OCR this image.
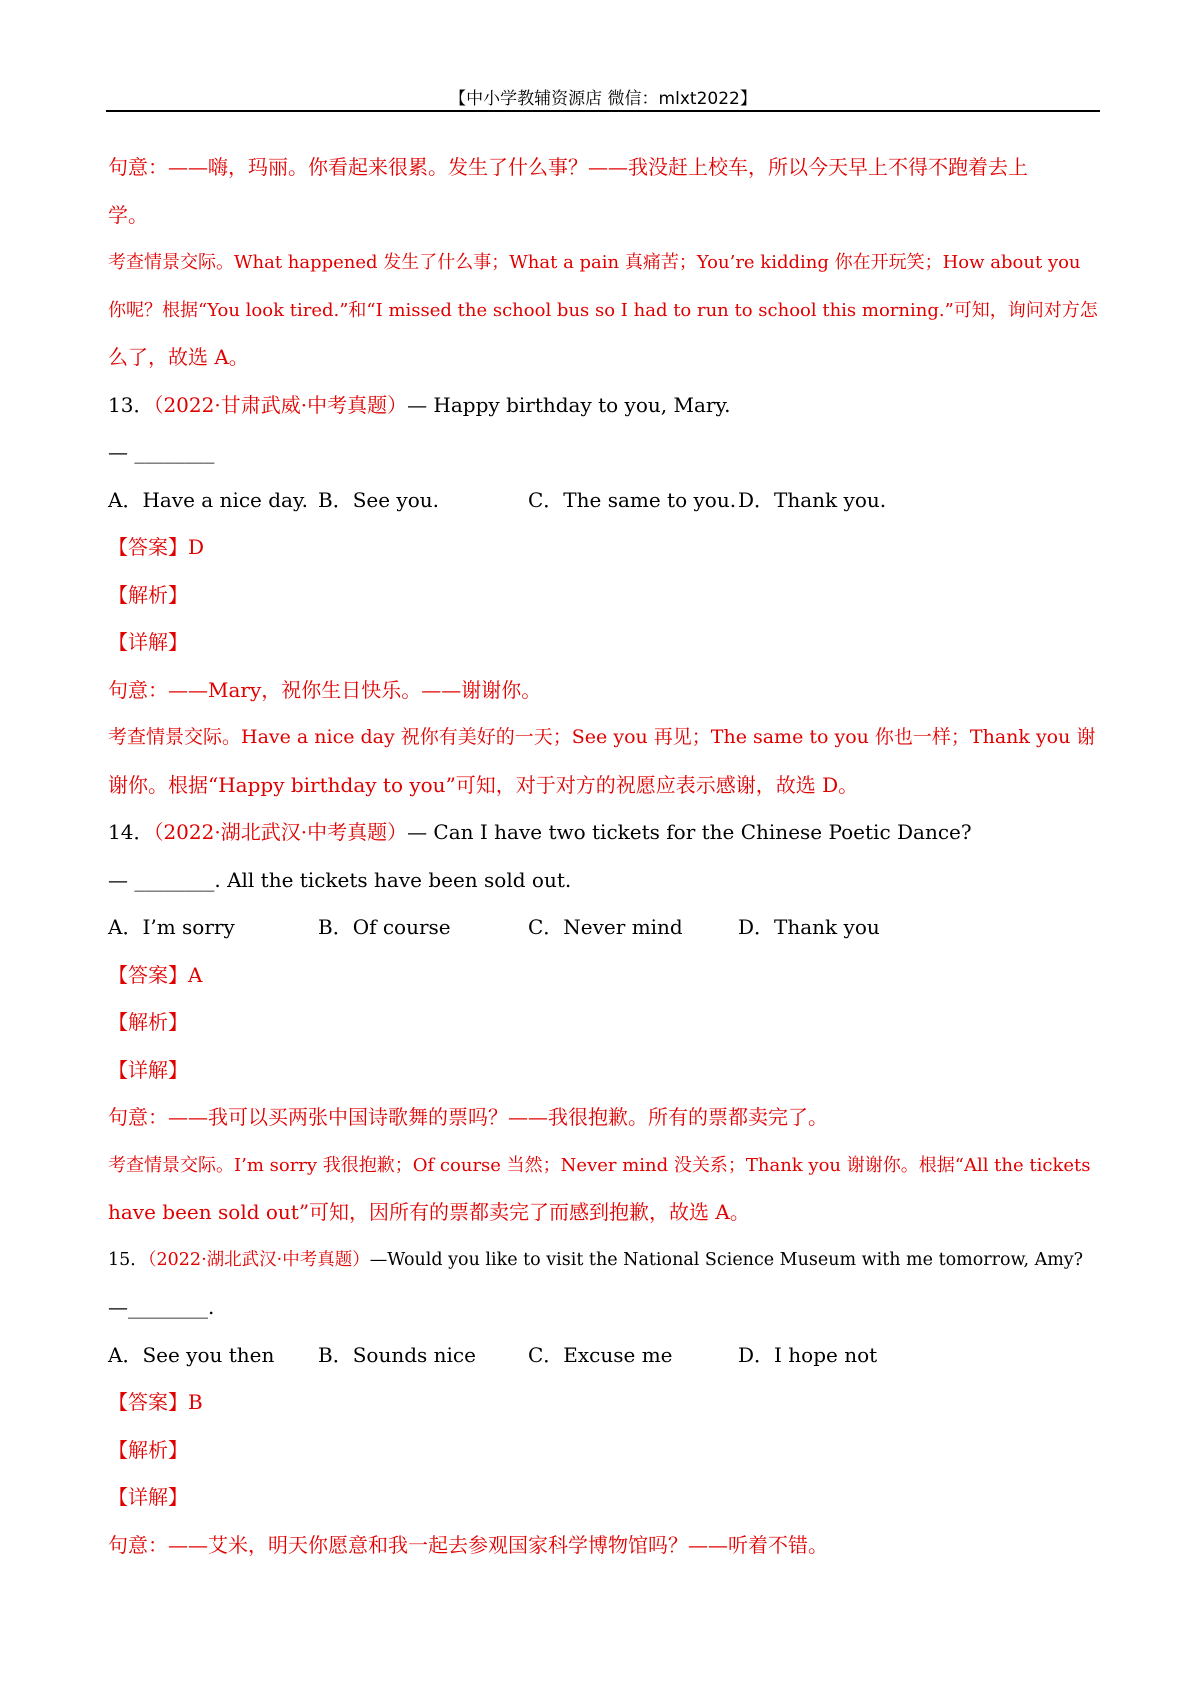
【中小学教辅资源店 微信：mlxt2022】
句意：——嗨，玛丽。你看起来很累。发生了什么事？——我没赶上校车，所以今天早上不得不跑着去上
学。
考查情景交际。What happened 发生了什么事；What a pain 真痛苦；You’re kidding 你在开玩笑；How about you
你呢？根据“You look tired.”和“I missed the school bus so I had to run to school this morning.”可知，询问对方怎
么了，故选 A。
13．（2022·甘肃武威·中考真题）— Happy birthday to you, Mary.
— ________
A．Have a nice day. B．See you.	C．The same to you. D．Thank you.
【答案】D
【解析】
【详解】
句意：——Mary，祝你生日快乐。——谢谢你。
考查情景交际。Have a nice day 祝你有美好的一天；See you 再见；The same to you 你也一样；Thank you 谢
谢你。根据“Happy birthday to you”可知，对于对方的祝愿应表示感谢，故选 D。
14．（2022·湖北武汉·中考真题）— Can I have two tickets for the Chinese Poetic Dance?
— ________. All the tickets have been sold out.
A．I’m sorry	B．Of course	C．Never mind	D．Thank you
【答案】A
【解析】
【详解】
句意：——我可以买两张中国诗歌舞的票吗？——我很抱歉。所有的票都卖完了。
考查情景交际。I’m sorry 我很抱歉；Of course 当然；Never mind 没关系；Thank you 谢谢你。根据“All the tickets
have been sold out”可知，因所有的票都卖完了而感到抱歉，故选 A。
15．（2022·湖北武汉·中考真题）—Would you like to visit the National Science Museum with me tomorrow, Amy?
—________.
A．See you then	B．Sounds nice	C．Excuse me	D．I hope not
【答案】B
【解析】
【详解】
句意：——艾米，明天你愿意和我一起去参观国家科学博物馆吗？——听着不错。
